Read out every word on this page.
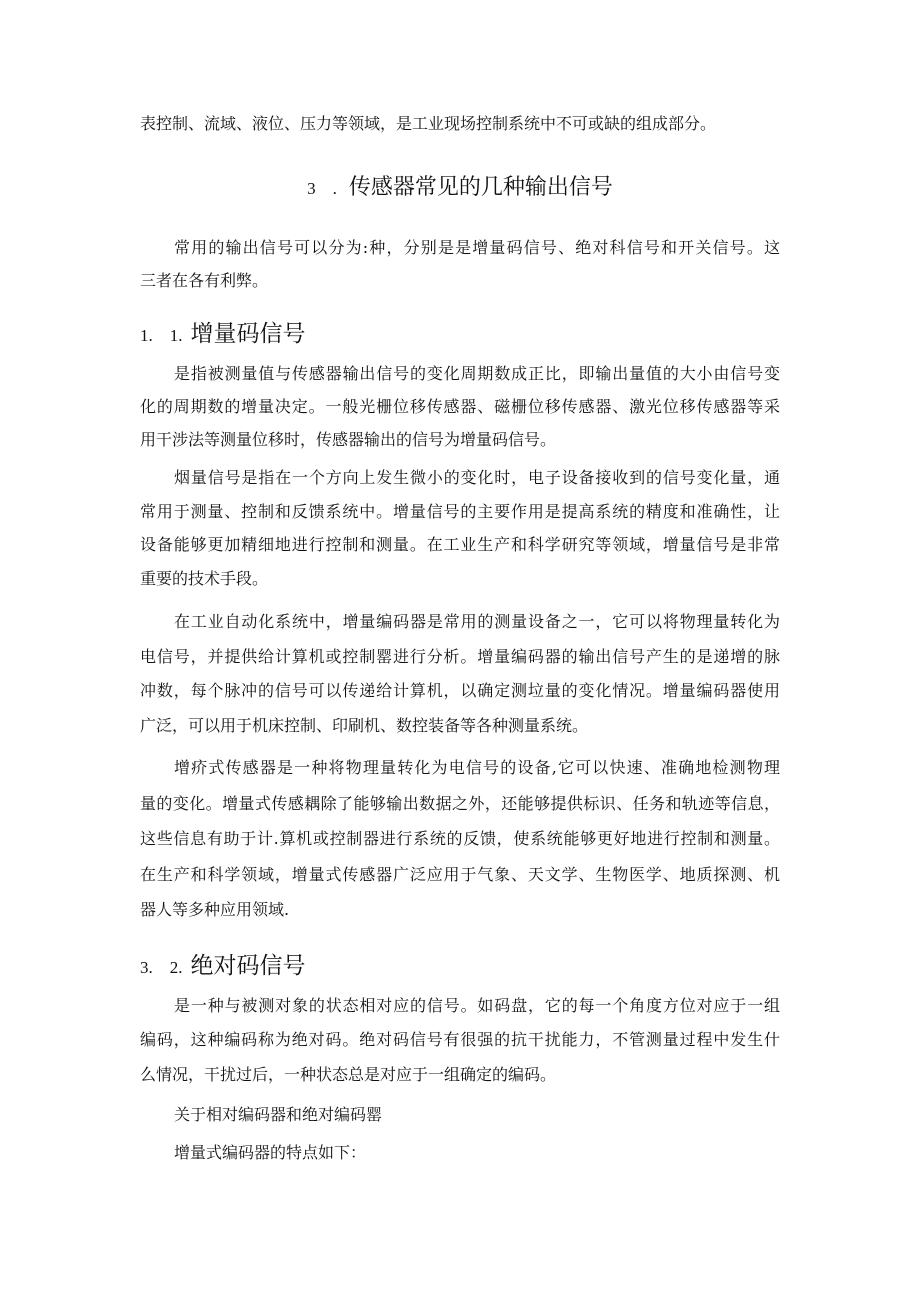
表控制、流域、液位、压力等领域，是工业现场控制系统中不可或缺的组成部分。
3　. 传感器常见的几种输出信号
常用的输出信号可以分为:种，分别是是增量码信号、绝对科信号和开关信号。这
三者在各有利弊。
1.　1. 增量码信号
是指被测量值与传感器输出信号的变化周期数成正比，即输出量值的大小由信号变
化的周期数的增量决定。一般光栅位移传感器、磁栅位移传感器、激光位移传感器等采
用干涉法等测量位移时，传感器输出的信号为增量码信号。
烟量信号是指在一个方向上发生微小的变化时，电子设备接收到的信号变化量，通
常用于测量、控制和反馈系统中。增量信号的主要作用是提高系统的精度和准确性，让
设备能够更加精细地进行控制和测量。在工业生产和科学研究等领域，增量信号是非常
重要的技术手段。
在工业自动化系统中，增量编码器是常用的测量设备之一，它可以将物理量转化为
电信号，并提供给计算机或控制罂进行分析。增量编码器的输出信号产生的是递增的脉
冲数，每个脉冲的信号可以传递给计算机，以确定测垃量的变化情况。增量编码器使用
广泛，可以用于机床控制、印刷机、数控装备等各种测量系统。
增疥式传感器是一种将物理量转化为电信号的设备,它可以快速、准确地检测物理
量的变化。增量式传感耦除了能够输出数据之外，还能够提供标识、任务和轨迹等信息，
这些信息有助于计.算机或控制器进行系统的反馈，使系统能够更好地进行控制和测量。
在生产和科学领域，增量式传感器广泛应用于气象、天文学、生物医学、地质探测、机
器人等多种应用领域.
3.　2. 绝对码信号
是一种与被测对象的状态相对应的信号。如码盘，它的每一个角度方位对应于一组
编码，这种编码称为绝对码。绝对码信号有很强的抗干扰能力，不管测量过程中发生什
么情况，干扰过后，一种状态总是对应于一组确定的编码。
关于相对编码器和绝对编码罂
增量式编码器的特点如下：
